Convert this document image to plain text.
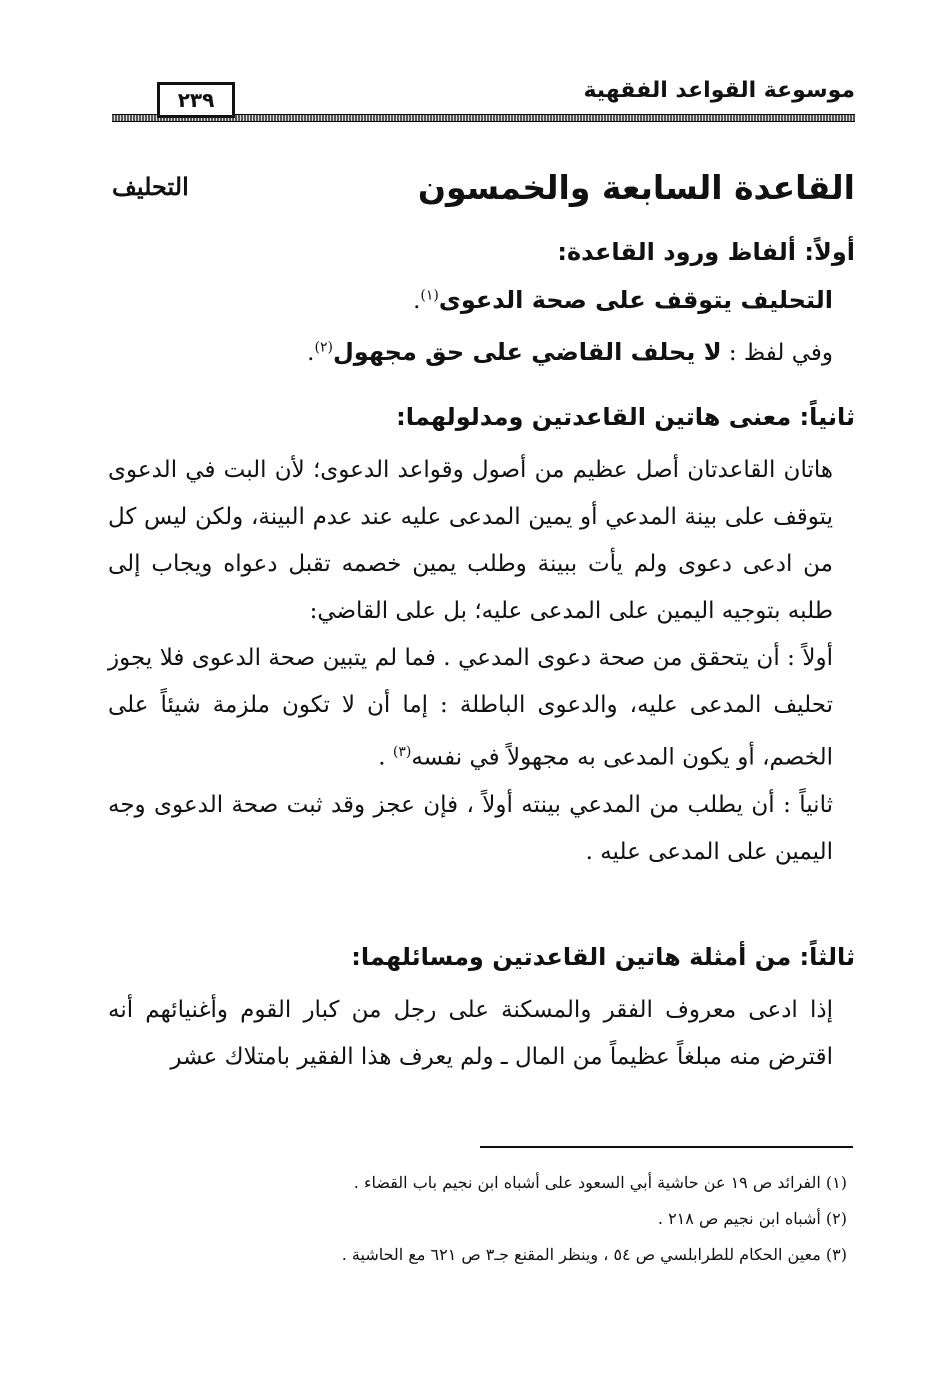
موسوعة القواعد الفقهية
٢٣٩
القاعدة السابعة والخمسون
التحليف
أولاً: ألفاظ ورود القاعدة:
التحليف يتوقف على صحة الدعوى$^{(١)}$.
وفي لفظ : لا يحلف القاضي على حق مجهول$^{(٢)}$.
ثانياً: معنى هاتين القاعدتين ومدلولهما:

هاتان القاعدتان أصل عظيم من أصول وقواعد الدعوى؛ لأن البت في الدعوى يتوقف على بينة المدعي أو يمين المدعى عليه عند عدم البينة، ولكن ليس كل من ادعى دعوى ولم يأت ببينة وطلب يمين خصمه تقبل دعواه ويجاب إلى طلبه بتوجيه اليمين على المدعى عليه؛ بل على القاضي:

أولاً : أن يتحقق من صحة دعوى المدعي . فما لم يتبين صحة الدعوى فلا يجوز تحليف المدعى عليه، والدعوى الباطلة : إما أن لا تكون ملزمة شيئاً على الخصم، أو يكون المدعى به مجهولاً في نفسه$^{(٣)}$ .

ثانياً : أن يطلب من المدعي بينته أولاً ، فإن عجز وقد ثبت صحة الدعوى وجه اليمين على المدعى عليه .

ثالثاً: من أمثلة هاتين القاعدتين ومسائلهما:

إذا ادعى معروف الفقر والمسكنة على رجل من كبار القوم وأغنيائهم أنه اقترض منه مبلغاً عظيماً من المال ـ ولم يعرف هذا الفقير بامتلاك عشر

(١) الفرائد ص ١٩ عن حاشية أبي السعود على أشباه ابن نجيم باب القضاء .
(٢) أشباه ابن نجيم ص ٢١٨ .
(٣) معين الحكام للطرابلسي ص ٥٤ ، وينظر المقنع جـ٣ ص ٦٢١ مع الحاشية .
